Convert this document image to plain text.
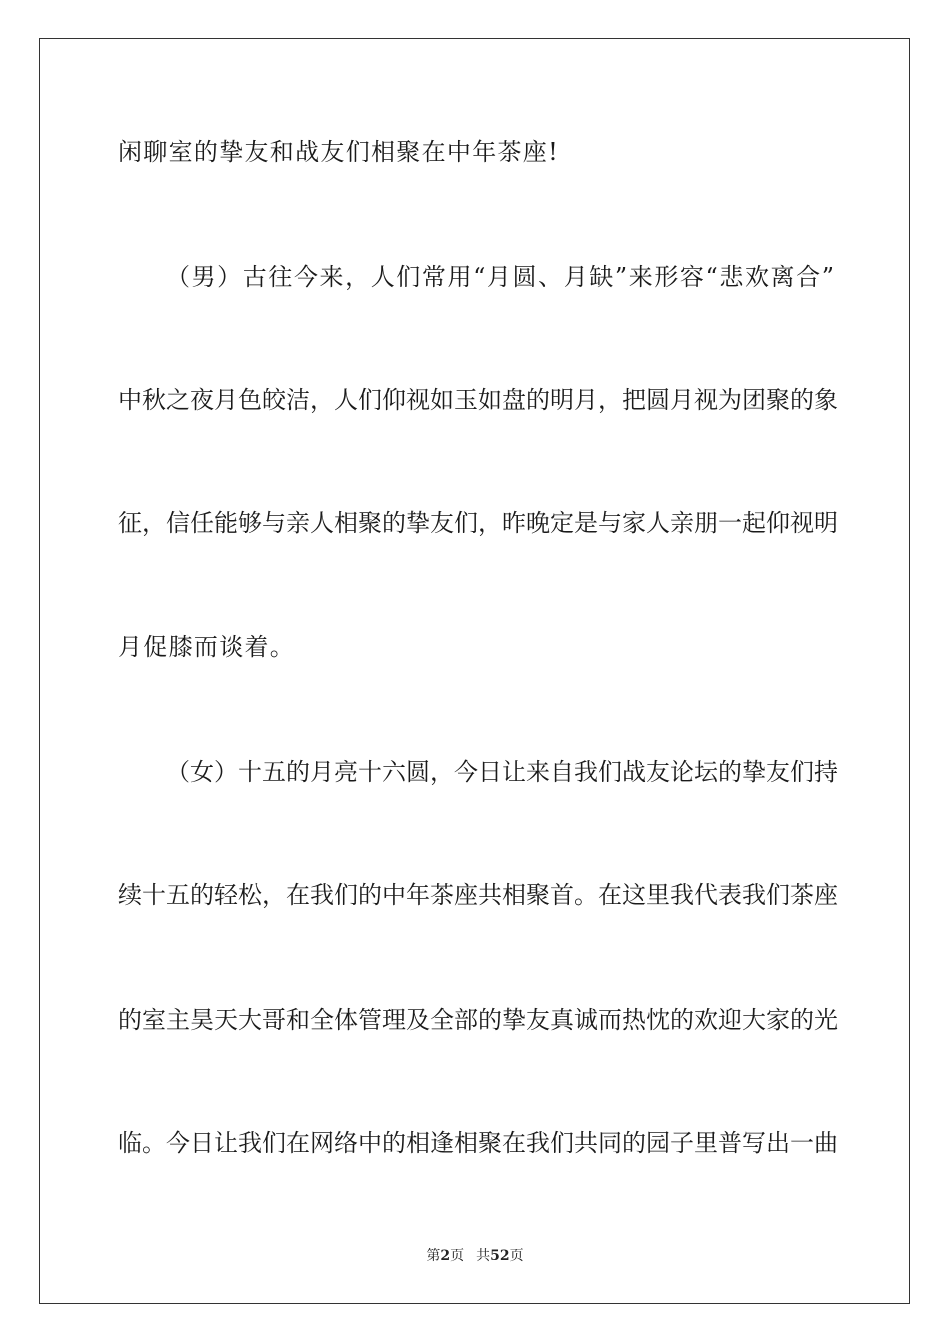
闲聊室的挚友和战友们相聚在中年茶座!
（男）古往今来，人们常用“月圆、月缺”来形容“悲欢离合”
中秋之夜月色皎洁，人们仰视如玉如盘的明月，把圆月视为团聚的象
征，信任能够与亲人相聚的挚友们，昨晚定是与家人亲朋一起仰视明
月促膝而谈着。
（女）十五的月亮十六圆，今日让来自我们战友论坛的挚友们持
续十五的轻松，在我们的中年茶座共相聚首。在这里我代表我们茶座
的室主昊天大哥和全体管理及全部的挚友真诚而热忱的欢迎大家的光
临。今日让我们在网络中的相逢相聚在我们共同的园子里普写出一曲
第2页 共52页
